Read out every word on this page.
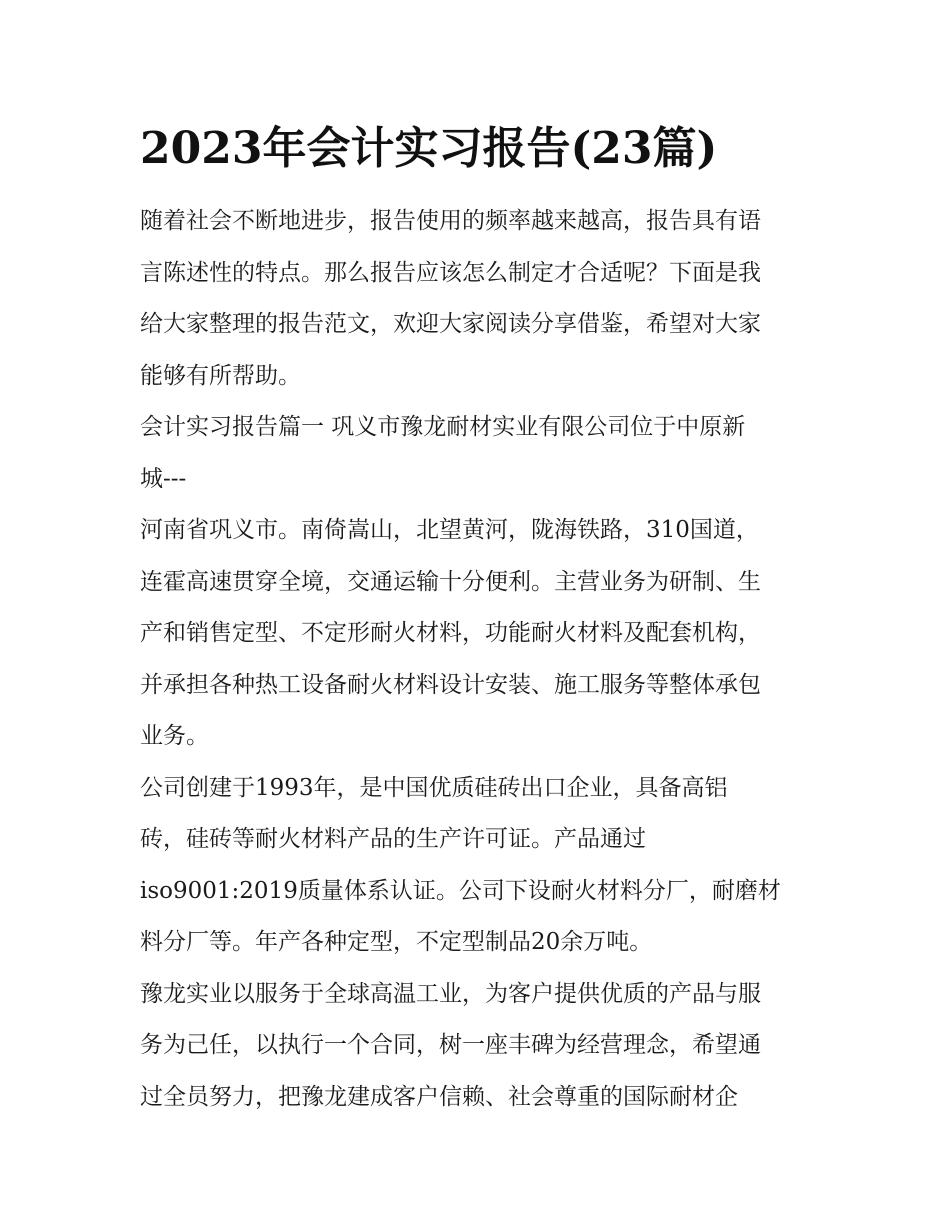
2023年会计实习报告(23篇)
随着社会不断地进步，报告使用的频率越来越高，报告具有语
言陈述性的特点。那么报告应该怎么制定才合适呢？下面是我
给大家整理的报告范文，欢迎大家阅读分享借鉴，希望对大家
能够有所帮助。
会计实习报告篇一 巩义市豫龙耐材实业有限公司位于中原新
城---
河南省巩义市。南倚嵩山，北望黄河，陇海铁路，310国道，
连霍高速贯穿全境，交通运输十分便利。主营业务为研制、生
产和销售定型、不定形耐火材料，功能耐火材料及配套机构，
并承担各种热工设备耐火材料设计安装、施工服务等整体承包
业务。
公司创建于1993年，是中国优质硅砖出口企业，具备高铝
砖，硅砖等耐火材料产品的生产许可证。产品通过
iso9001:2019质量体系认证。公司下设耐火材料分厂，耐磨材
料分厂等。年产各种定型，不定型制品20余万吨。
豫龙实业以服务于全球高温工业，为客户提供优质的产品与服
务为己任，以执行一个合同，树一座丰碑为经营理念，希望通
过全员努力，把豫龙建成客户信赖、社会尊重的国际耐材企
